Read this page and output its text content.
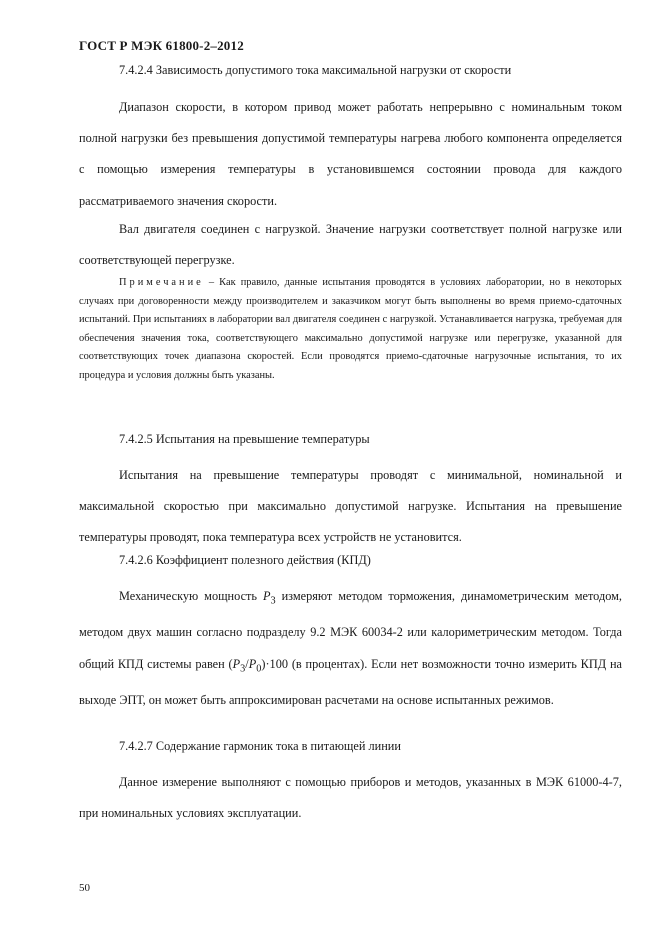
ГОСТ Р МЭК 61800-2–2012
7.4.2.4 Зависимость допустимого тока максимальной нагрузки от скорости

Диапазон скорости, в котором привод может работать непрерывно с номинальным током полной нагрузки без превышения допустимой температуры нагрева любого компонента определяется с помощью измерения температуры в установившемся состоянии провода для каждого рассматриваемого значения скорости.

Вал двигателя соединен с нагрузкой. Значение нагрузки соответствует полной нагрузке или соответствующей перегрузке.

Примечание – Как правило, данные испытания проводятся в условиях лаборатории, но в некоторых случаях при договоренности между производителем и заказчиком могут быть выполнены во время приемо-сдаточных испытаний. При испытаниях в лаборатории вал двигателя соединен с нагрузкой. Устанавливается нагрузка, требуемая для обеспечения значения тока, соответствующего максимально допустимой нагрузке или перегрузке, указанной для соответствующих точек диапазона скоростей. Если проводятся приемо-сдаточные нагрузочные испытания, то их процедура и условия должны быть указаны.

7.4.2.5 Испытания на превышение температуры

Испытания на превышение температуры проводят с минимальной, номинальной и максимальной скоростью при максимально допустимой нагрузке. Испытания на превышение температуры проводят, пока температура всех устройств не установится.

7.4.2.6 Коэффициент полезного действия (КПД)

Механическую мощность $P_3$ измеряют методом торможения, динамометрическим методом, методом двух машин согласно подразделу 9.2 МЭК 60034-2 или калориметрическим методом. Тогда общий КПД системы равен $(P_3/P_0)\cdot 100$ (в процентах). Если нет возможности точно измерить КПД на выходе ЭПТ, он может быть аппроксимирован расчетами на основе испытанных режимов.

7.4.2.7 Содержание гармоник тока в питающей линии

Данное измерение выполняют с помощью приборов и методов, указанных в МЭК 61000-4-7, при номинальных условиях эксплуатации.

50
